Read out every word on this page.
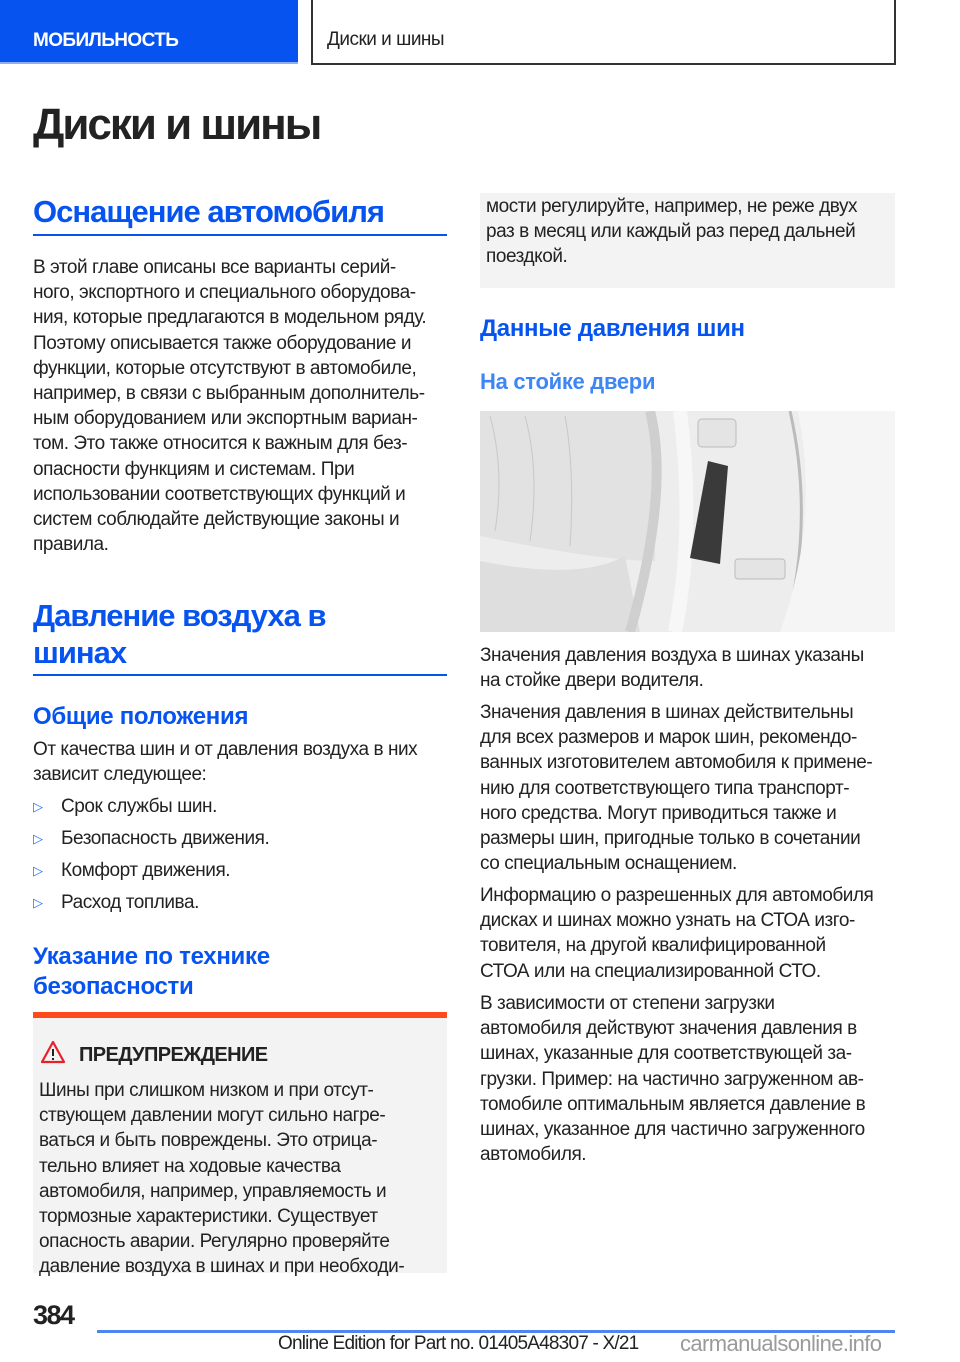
МОБИЛЬНОСТЬ	Диски и шины
Диски и шины
Оснащение автомобиля
В этой главе описаны все варианты серий-
ного, экспортного и специального оборудова-
ния, которые предлагаются в модельном ряду.
Поэтому описывается также оборудование и
функции, которые отсутствуют в автомобиле,
например, в связи с выбранным дополнитель-
ным оборудованием или экспортным вариан-
том. Это также относится к важным для без-
опасности функциям и системам. При
использовании соответствующих функций и
систем соблюдайте действующие законы и
правила.
Давление воздуха в
шинах
Общие положения
От качества шин и от давления воздуха в них
зависит следующее:
▷ Срок службы шин.
▷ Безопасность движения.
▷ Комфорт движения.
▷ Расход топлива.
Указание по технике
безопасности
ПРЕДУПРЕЖДЕНИЕ
Шины при слишком низком и при отсут-
ствующем давлении могут сильно нагре-
ваться и быть повреждены. Это отрица-
тельно влияет на ходовые качества
автомобиля, например, управляемость и
тормозные характеристики. Существует
опасность аварии. Регулярно проверяйте
давление воздуха в шинах и при необходи-
мости регулируйте, например, не реже двух
раз в месяц или каждый раз перед дальней
поездкой.
Данные давления шин
На стойке двери
Значения давления воздуха в шинах указаны
на стойке двери водителя.
Значения давления в шинах действительны
для всех размеров и марок шин, рекомендо-
ванных изготовителем автомобиля к примене-
нию для соответствующего типа транспорт-
ного средства. Могут приводиться также и
размеры шин, пригодные только в сочетании
со специальным оснащением.
Информацию о разрешенных для автомобиля
дисках и шинах можно узнать на СТОА изго-
товителя, на другой квалифицированной
СТОА или на специализированной СТО.
В зависимости от степени загрузки
автомобиля действуют значения давления в
шинах, указанные для соответствующей за-
грузки. Пример: на частично загруженном ав-
томобиле оптимальным является давление в
шинах, указанное для частично загруженного
автомобиля.
384
Online Edition for Part no. 01405A48307 - X/21 carmanualsonline.info
